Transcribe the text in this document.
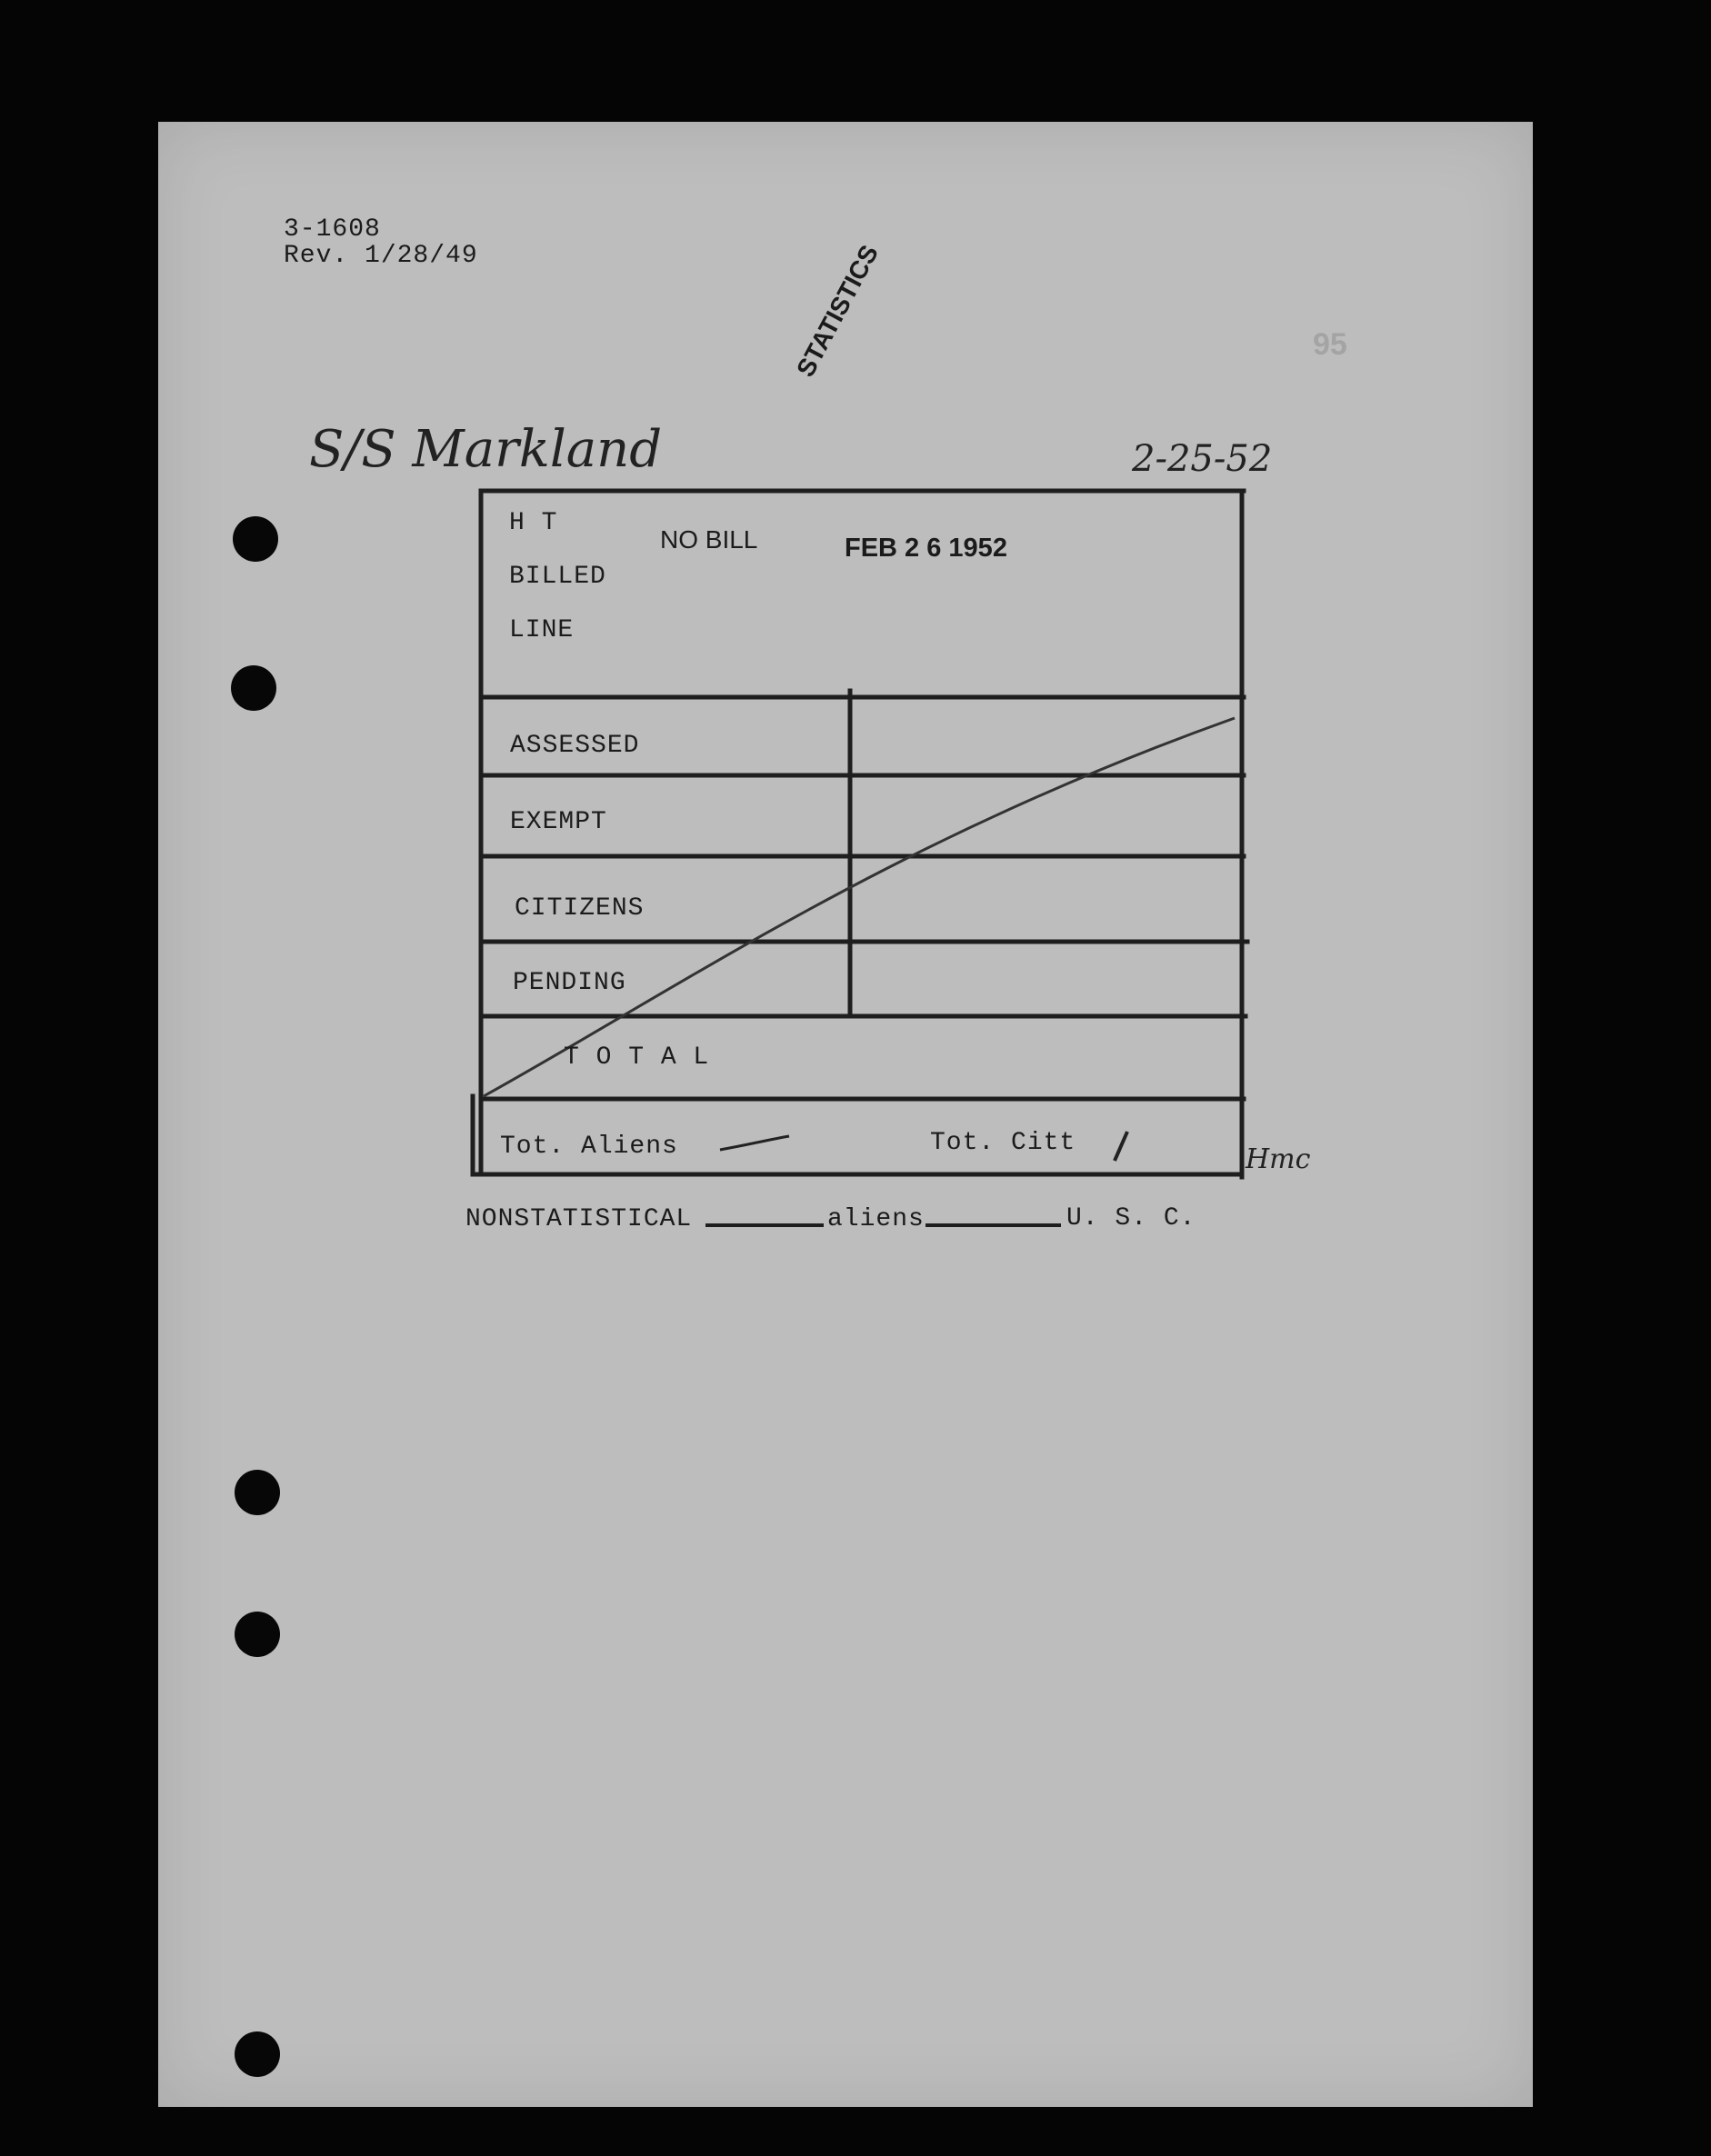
3-1608
Rev. 1/28/49
95
STATISTICS
S/S Markland	2-25-52
H T
BILLED
LINE
NO BILL	FEB 2 6 1952
ASSESSED
EXEMPT
CITIZENS
PENDING
T O T A L
Tot. Aliens	Tot. Citt
Hmc
NONSTATISTICAL	aliens	U. S. C.
